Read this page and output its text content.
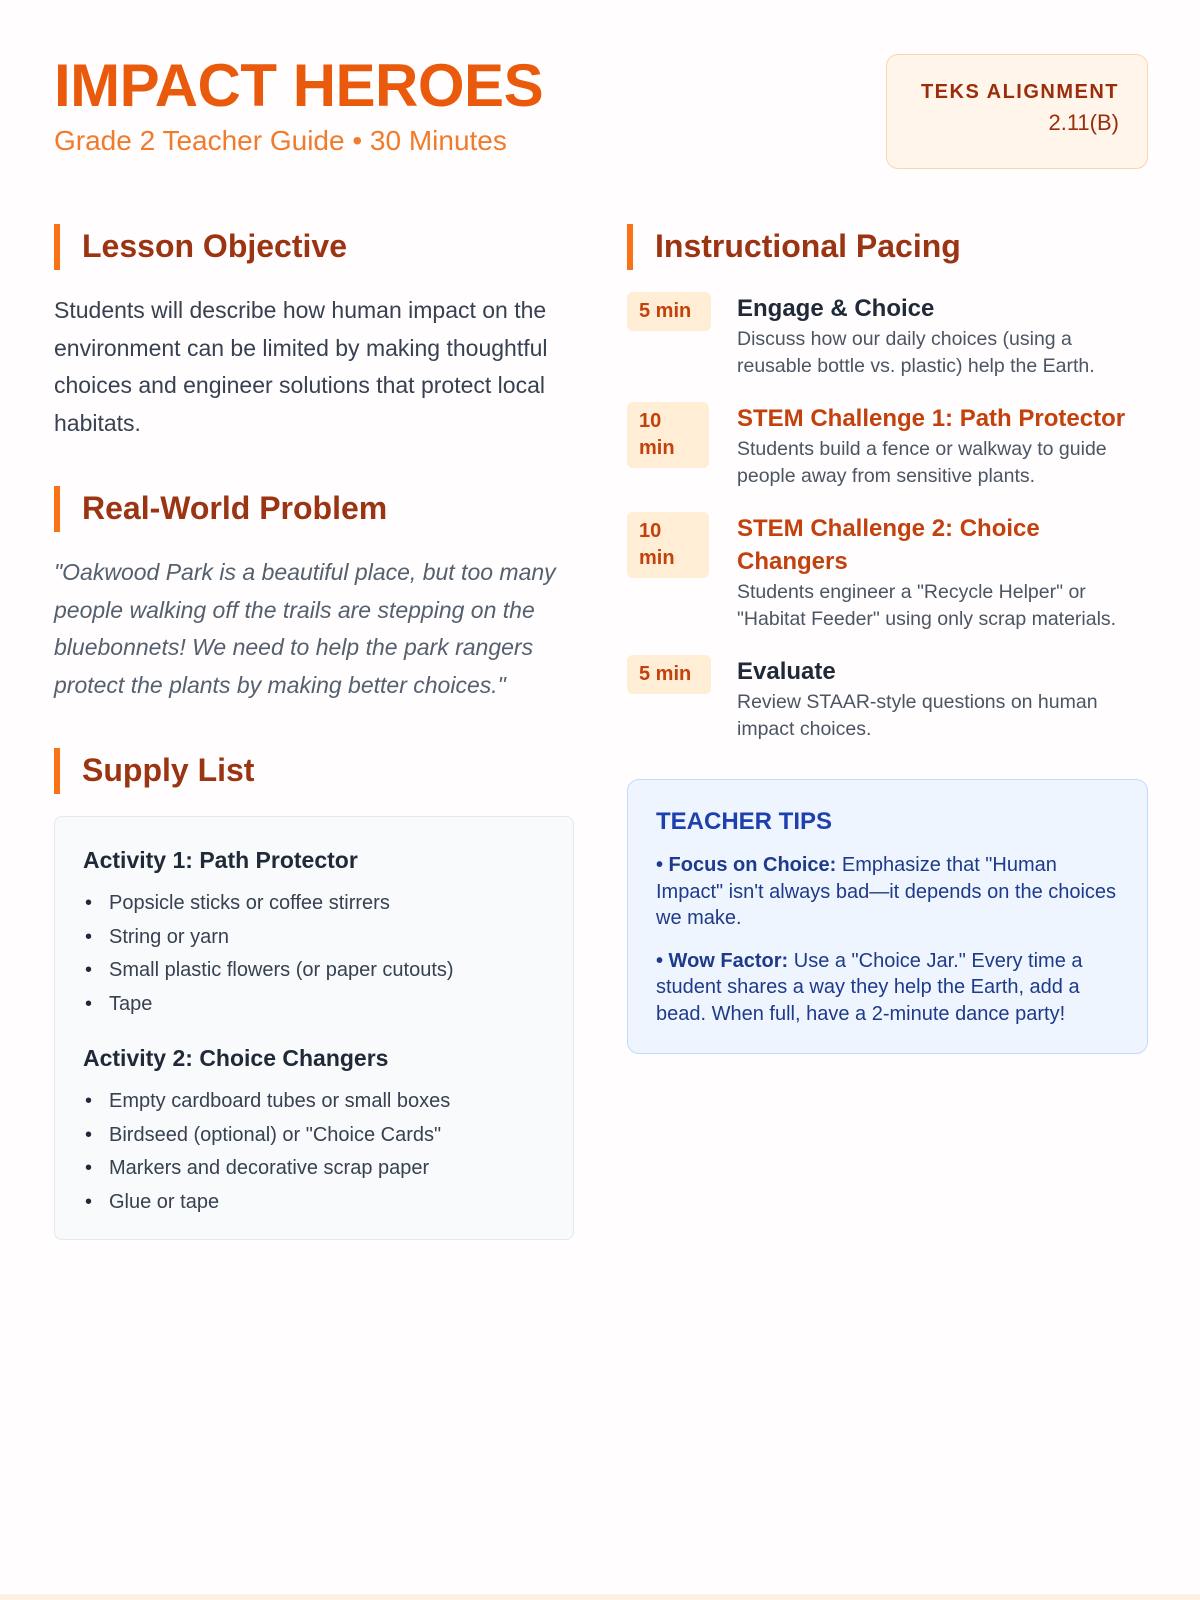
IMPACT HEROES
Grade 2 Teacher Guide • 30 Minutes
TEKS ALIGNMENT
2.11(B)
Lesson Objective

Students will describe how human impact on the environment can be limited by making thoughtful choices and engineer solutions that protect local habitats.

Real-World Problem

"Oakwood Park is a beautiful place, but too many people walking off the trails are stepping on the bluebonnets! We need to help the park rangers protect the plants by making better choices."

Supply List
Activity 1: Path Protector
• Popsicle sticks or coffee stirrers
• String or yarn
• Small plastic flowers (or paper cutouts)
• Tape
Activity 2: Choice Changers
• Empty cardboard tubes or small boxes
• Birdseed (optional) or "Choice Cards"
• Markers and decorative scrap paper
• Glue or tape
Instructional Pacing
5 min	Engage & Choice
Discuss how our daily choices (using a reusable bottle vs. plastic) help the Earth.
10 min
STEM Challenge 1: Path Protector
Students build a fence or walkway to guide people away from sensitive plants.
10 min
STEM Challenge 2: Choice Changers
Students engineer a "Recycle Helper" or "Habitat Feeder" using only scrap materials.
5 min	Evaluate
Review STAAR-style questions on human impact choices.
TEACHER TIPS
• Focus on Choice: Emphasize that "Human Impact" isn't always bad—it depends on the choices we make.
• Wow Factor: Use a "Choice Jar." Every time a student shares a way they help the Earth, add a bead. When full, have a 2-minute dance party!
